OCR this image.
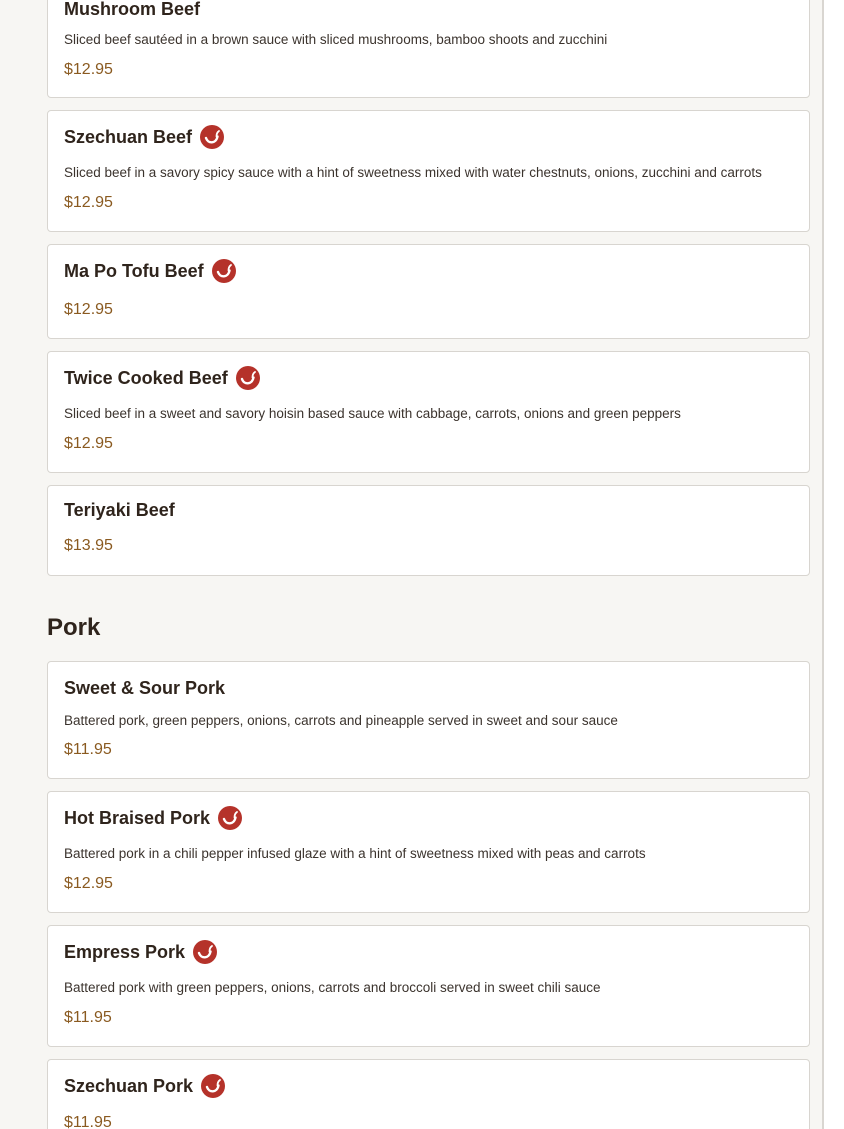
Mushroom Beef
Sliced beef sautéed in a brown sauce with sliced mushrooms, bamboo shoots and zucchini
$12.95
Szechuan Beef
Sliced beef in a savory spicy sauce with a hint of sweetness mixed with water chestnuts, onions, zucchini and carrots
$12.95
Ma Po Tofu Beef
$12.95
Twice Cooked Beef
Sliced beef in a sweet and savory hoisin based sauce with cabbage, carrots, onions and green peppers
$12.95
Teriyaki Beef
$13.95
Pork
Sweet & Sour Pork
Battered pork, green peppers, onions, carrots and pineapple served in sweet and sour sauce
$11.95
Hot Braised Pork
Battered pork in a chili pepper infused glaze with a hint of sweetness mixed with peas and carrots
$12.95
Empress Pork
Battered pork with green peppers, onions, carrots and broccoli served in sweet chili sauce
$11.95
Szechuan Pork
$11.95
